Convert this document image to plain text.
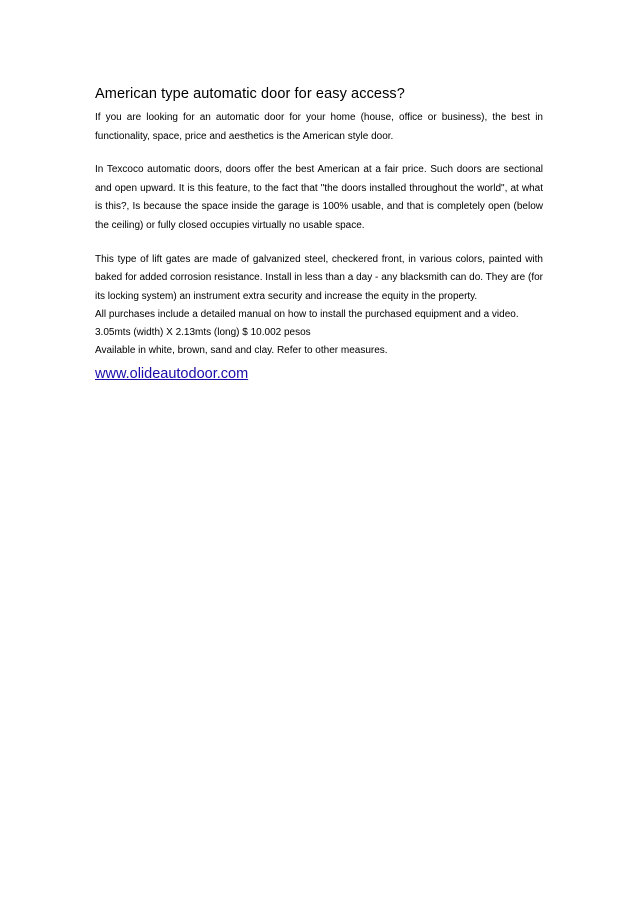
American type automatic door for easy access?

If you are looking for an automatic door for your home (house, office or business), the best in functionality, space, price and aesthetics is the American style door.

In Texcoco automatic doors, doors offer the best American at a fair price. Such doors are sectional and open upward. It is this feature, to the fact that "the doors installed throughout the world", at what is this?, Is because the space inside the garage is 100% usable, and that is completely open (below the ceiling) or fully closed occupies virtually no usable space.

This type of lift gates are made of galvanized steel, checkered front, in various colors, painted with baked for added corrosion resistance. Install in less than a day - any blacksmith can do. They are (for its locking system) an instrument extra security and increase the equity in the property.

All purchases include a detailed manual on how to install the purchased equipment and a video.
3.05mts (width) X 2.13mts (long) $ 10.002 pesos
Available in white, brown, sand and clay. Refer to other measures.
www.olideautodoor.com
